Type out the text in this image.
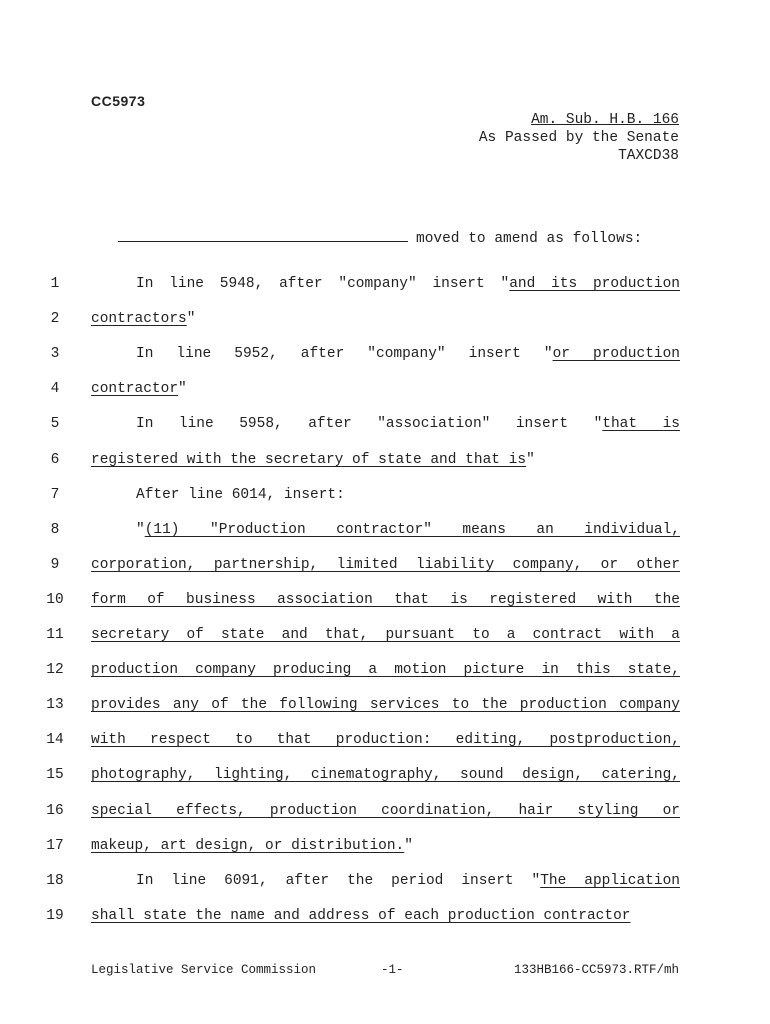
CC5973
Am. Sub. H.B. 166
As Passed by the Senate
TAXCD38
moved to amend as follows:
1	In line 5948, after "company" insert "and its production
2	contractors"
3	In line 5952, after "company" insert "or production
4	contractor"
5	In line 5958, after "association" insert "that is
6	registered with the secretary of state and that is"
7	After line 6014, insert:
8	"(11) "Production contractor" means an individual,
9	corporation, partnership, limited liability company, or other
10	form of business association that is registered with the
11	secretary of state and that, pursuant to a contract with a
12	production company producing a motion picture in this state,
13	provides any of the following services to the production company
14	with respect to that production: editing, postproduction,
15	photography, lighting, cinematography, sound design, catering,
16	special effects, production coordination, hair styling or
17	makeup, art design, or distribution."
18	In line 6091, after the period insert "The application
19	shall state the name and address of each production contractor
Legislative Service Commission	-1-	133HB166-CC5973.RTF/mh
